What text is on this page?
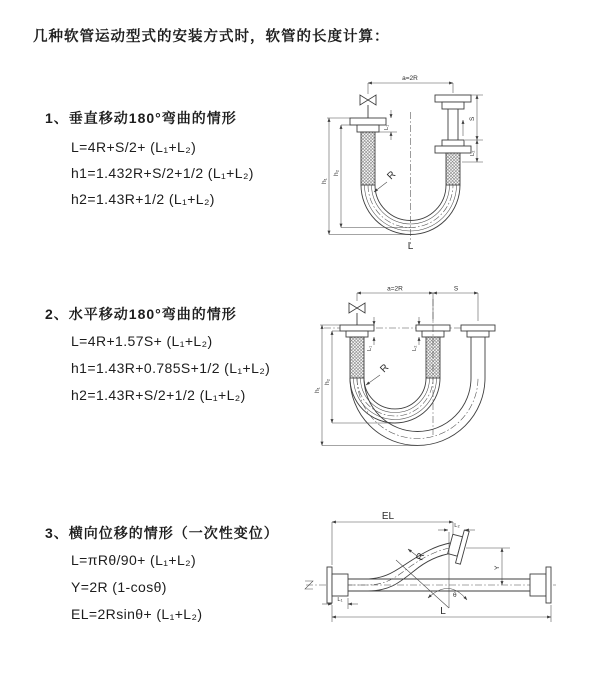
几种软管运动型式的安装方式时，软管的长度计算：
1、垂直移动180°弯曲的情形
L=4R+S/2+ (L₁+L₂)
h1=1.432R+S/2+1/2 (L₁+L₂)
h2=1.43R+1/2 (L₁+L₂)
2、水平移动180°弯曲的情形
L=4R+1.57S+ (L₁+L₂)
h1=1.43R+0.785S+1/2 (L₁+L₂)
h2=1.43R+S/2+1/2 (L₁+L₂)
3、横向位移的情形（一次性变位）
L=πRθ/90+ (L₁+L₂)
Y=2R (1-cosθ)
EL=2Rsinθ+ (L₁+L₂)
a=2R
R
L
h₁
h₂
L₁
S
L₂
a=2R	S
R
h₁
h₂
L₁	L₂
EL
L₂
θ
R
Y
L₁
L
